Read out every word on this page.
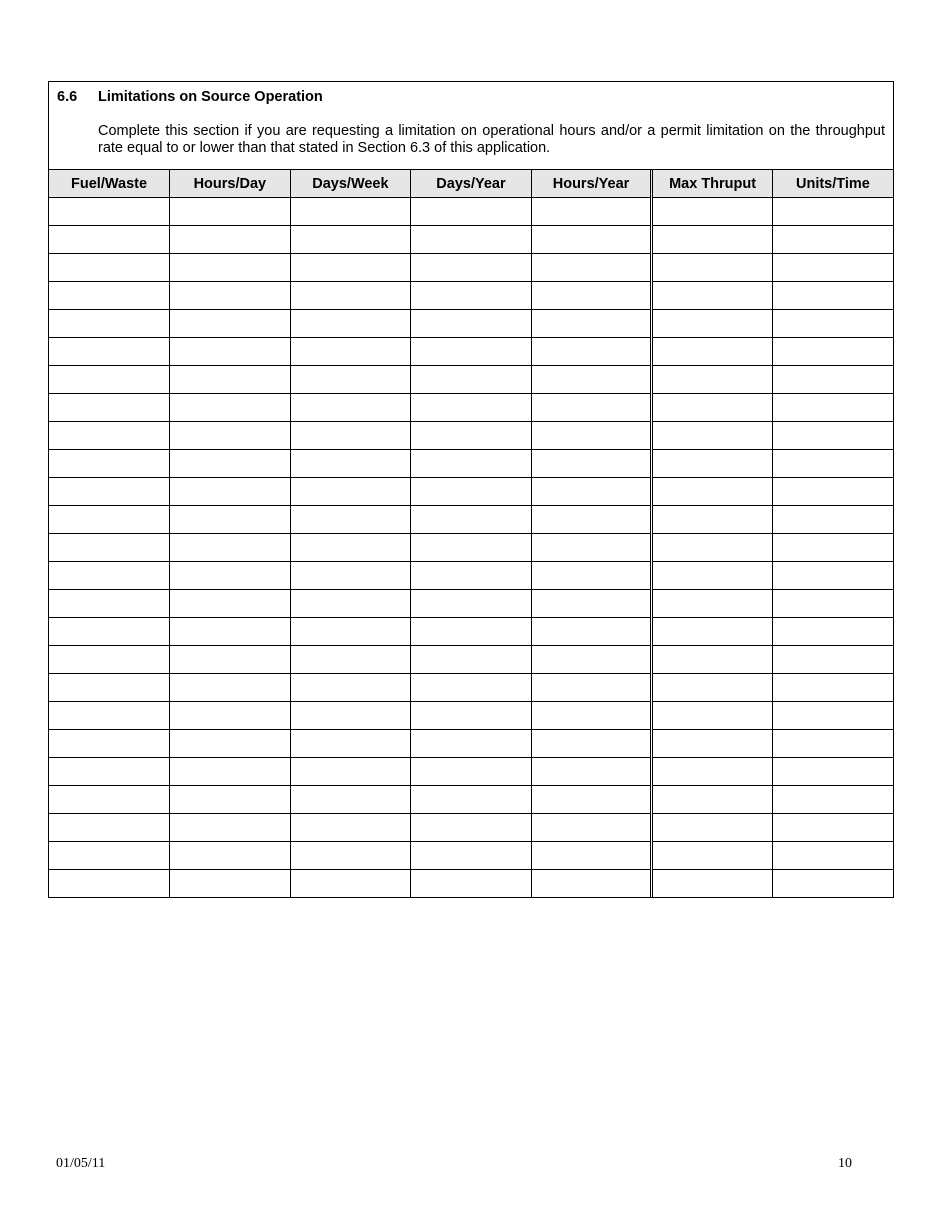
6.6	Limitations on Source Operation
Complete this section if you are requesting a limitation on operational hours and/or a permit limitation on the throughput rate equal to or lower than that stated in Section 6.3 of this application.
Fuel/Waste	Hours/Day	Days/Week	Days/Year	Hours/Year	Max Thruput	Units/Time

01/05/11	10
